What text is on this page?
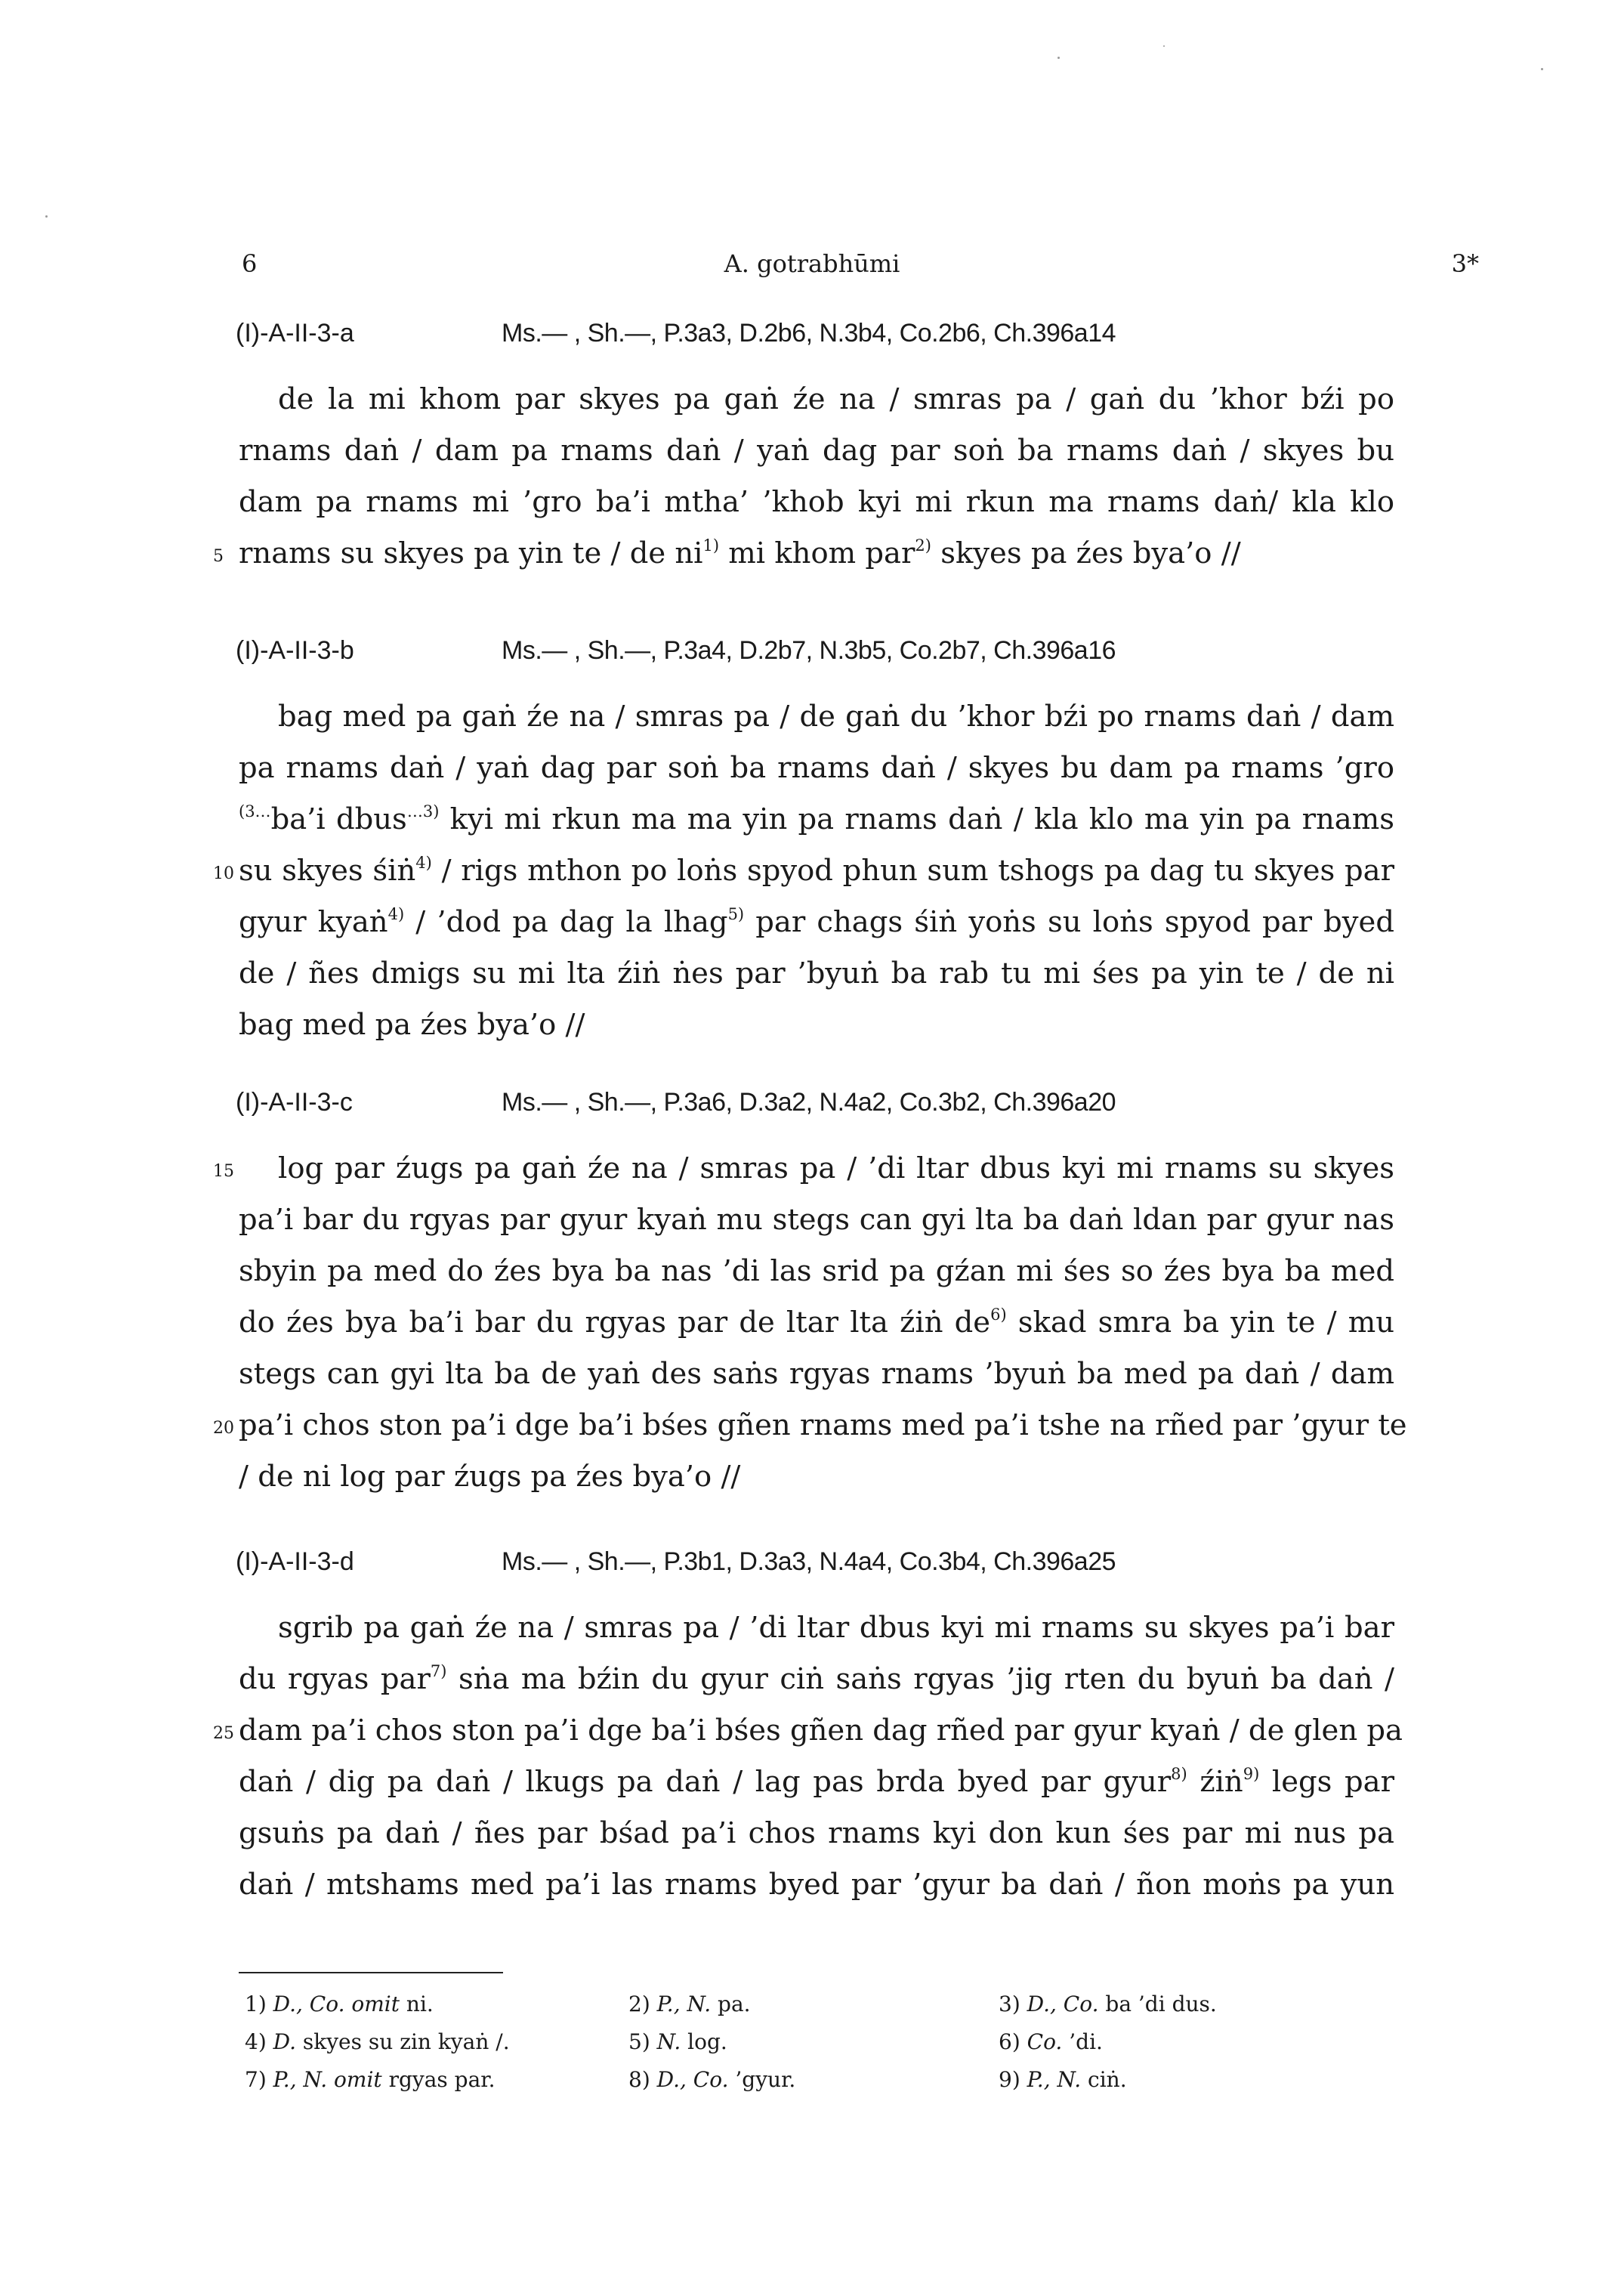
6	A. gotrabhūmi	3*
(I)-A-II-3-a	Ms.— , Sh.—, P.3a3, D.2b6, N.3b4, Co.2b6, Ch.396a14
de la mi khom par skyes pa gaṅ źe na / smras pa / gaṅ du ’khor bźi po
rnams daṅ / dam pa rnams daṅ / yaṅ dag par soṅ ba rnams daṅ / skyes bu
dam pa rnams mi ’gro ba’i mtha’ ’khob kyi mi rkun ma rnams daṅ/ kla klo
5 rnams su skyes pa yin te / de $ni^{1)}$ mi khom par$^{2)}$ skyes pa źes bya’o //
(I)-A-II-3-b	Ms.— , Sh.—, P.3a4, D.2b7, N.3b5, Co.2b7, Ch.396a16
bag med pa gaṅ źe na / smras pa / de gaṅ du ’khor bźi po rnams daṅ / dam
pa rnams daṅ / yaṅ dag par soṅ ba rnams daṅ / skyes bu dam pa rnams ’gro
$^{(3\dots}$ba’i dbus$^{\dots 3)}$ kyi mi rkun ma ma yin pa rnams daṅ / kla klo ma yin pa rnams
10 su skyes śiṅ$^{4)}$ / rigs mthon po loṅs spyod phun sum tshogs pa dag tu skyes par
gyur kyaṅ$^{4)}$ / ’dod pa dag la lhag$^{5)}$ par chags śiṅ yoṅs su loṅs spyod par byed
de / ñes dmigs su mi lta źiṅ ṅes par ’byuṅ ba rab tu mi śes pa yin te / de ni
bag med pa źes bya’o //
(I)-A-II-3-c	Ms.— , Sh.—, P.3a6, D.3a2, N.4a2, Co.3b2, Ch.396a20
15 log par źugs pa gaṅ źe na / smras pa / ’di ltar dbus kyi mi rnams su skyes
pa’i bar du rgyas par gyur kyaṅ mu stegs can gyi lta ba daṅ ldan par gyur nas
sbyin pa med do źes bya ba nas ’di las srid pa gźan mi śes so źes bya ba med
do źes bya ba’i bar du rgyas par de ltar lta źiṅ $de^{6)}$ skad smra ba yin te / mu
stegs can gyi lta ba de yaṅ des saṅs rgyas rnams ’byuṅ ba med pa daṅ / dam
20 pa’i chos ston pa’i dge ba’i bśes gñen rnams med pa’i tshe na rñed par ’gyur te
/ de ni log par źugs pa źes bya’o //
(I)-A-II-3-d	Ms.— , Sh.—, P.3b1, D.3a3, N.4a4, Co.3b4, Ch.396a25
sgrib pa gaṅ źe na / smras pa / ’di ltar dbus kyi mi rnams su skyes pa’i bar
du rgyas par$^{7)}$ sṅa ma bźin du gyur ciṅ saṅs rgyas ’jig rten du byuṅ ba daṅ /
25 dam pa’i chos ston pa’i dge ba’i bśes gñen dag rñed par gyur kyaṅ / de glen pa
daṅ / dig pa daṅ / lkugs pa daṅ / lag pas brda byed par gyur$^{8)}$ źiṅ$^{9)}$ legs par
gsuṅs pa daṅ / ñes par bśad pa’i chos rnams kyi don kun śes par mi nus pa
daṅ / mtshams med pa’i las rnams byed par ’gyur ba daṅ / ñon moṅs pa yun
1) D., Co. omit ni.	2) P., N. pa.	3) D., Co. ba ’di dus.
4) D. skyes su zin kyaṅ /.	5) N. log.	6) Co. ’di.
7) P., N. omit rgyas par.	8) D., Co. ’gyur.	9) P., N. ciṅ.
